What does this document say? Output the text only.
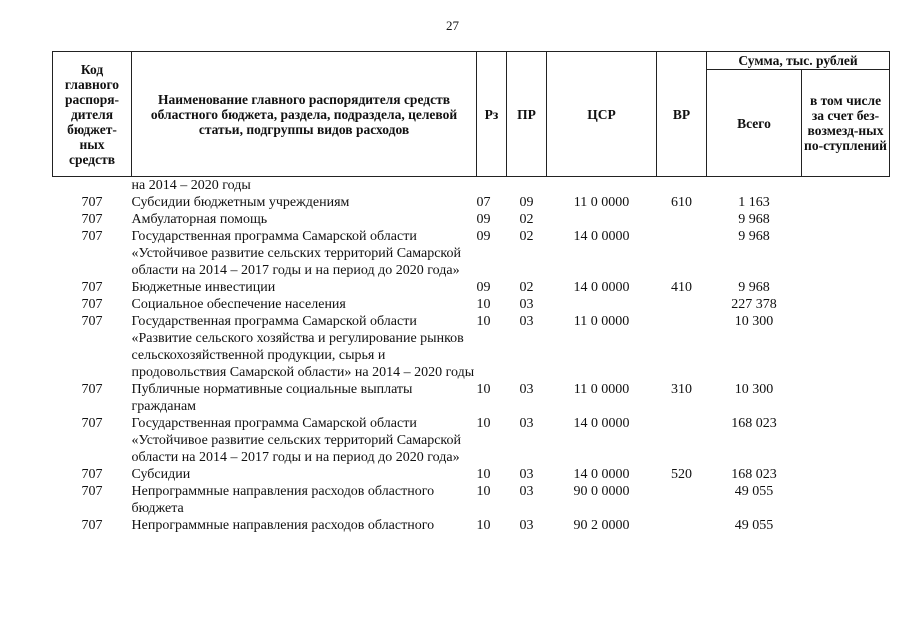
27
Код главного распоря-дителя бюджет-ных средств	Наименование главного распорядителя средств областного бюджета, раздела, подраздела, целевой статьи, подгруппы видов расходов	Рз	ПР	ЦСР	ВР	Сумма, тыс. рублей	
						Всего	в том числе за счет без-возмезд-ных по-ступлений
	на 2014 – 2020 годы						
707	Субсидии бюджетным учреждениям	07	09	11 0 0000	610	1 163	
707	Амбулаторная помощь	09	02			9 968	
707	Государственная программа Самарской области «Устойчивое развитие сельских территорий Самарской области на 2014 – 2017 годы и на период до 2020 года»	09	02	14 0 0000		9 968	
707	Бюджетные инвестиции	09	02	14 0 0000	410	9 968	
707	Социальное обеспечение населения	10	03			227 378	
707	Государственная программа Самарской области «Развитие сельского хозяйства и регулирование рынков сельскохозяйственной продукции, сырья и продовольствия Самарской области» на 2014 – 2020 годы	10	03	11 0 0000		10 300	
707	Публичные нормативные социальные выплаты гражданам	10	03	11 0 0000	310	10 300	
707	Государственная программа Самарской области «Устойчивое развитие сельских территорий Самарской области на 2014 – 2017 годы и на период до 2020 года»	10	03	14 0 0000		168 023	
707	Субсидии	10	03	14 0 0000	520	168 023	
707	Непрограммные направления расходов областного бюджета	10	03	90 0 0000		49 055	
707	Непрограммные направления расходов областного	10	03	90 2 0000		49 055	
